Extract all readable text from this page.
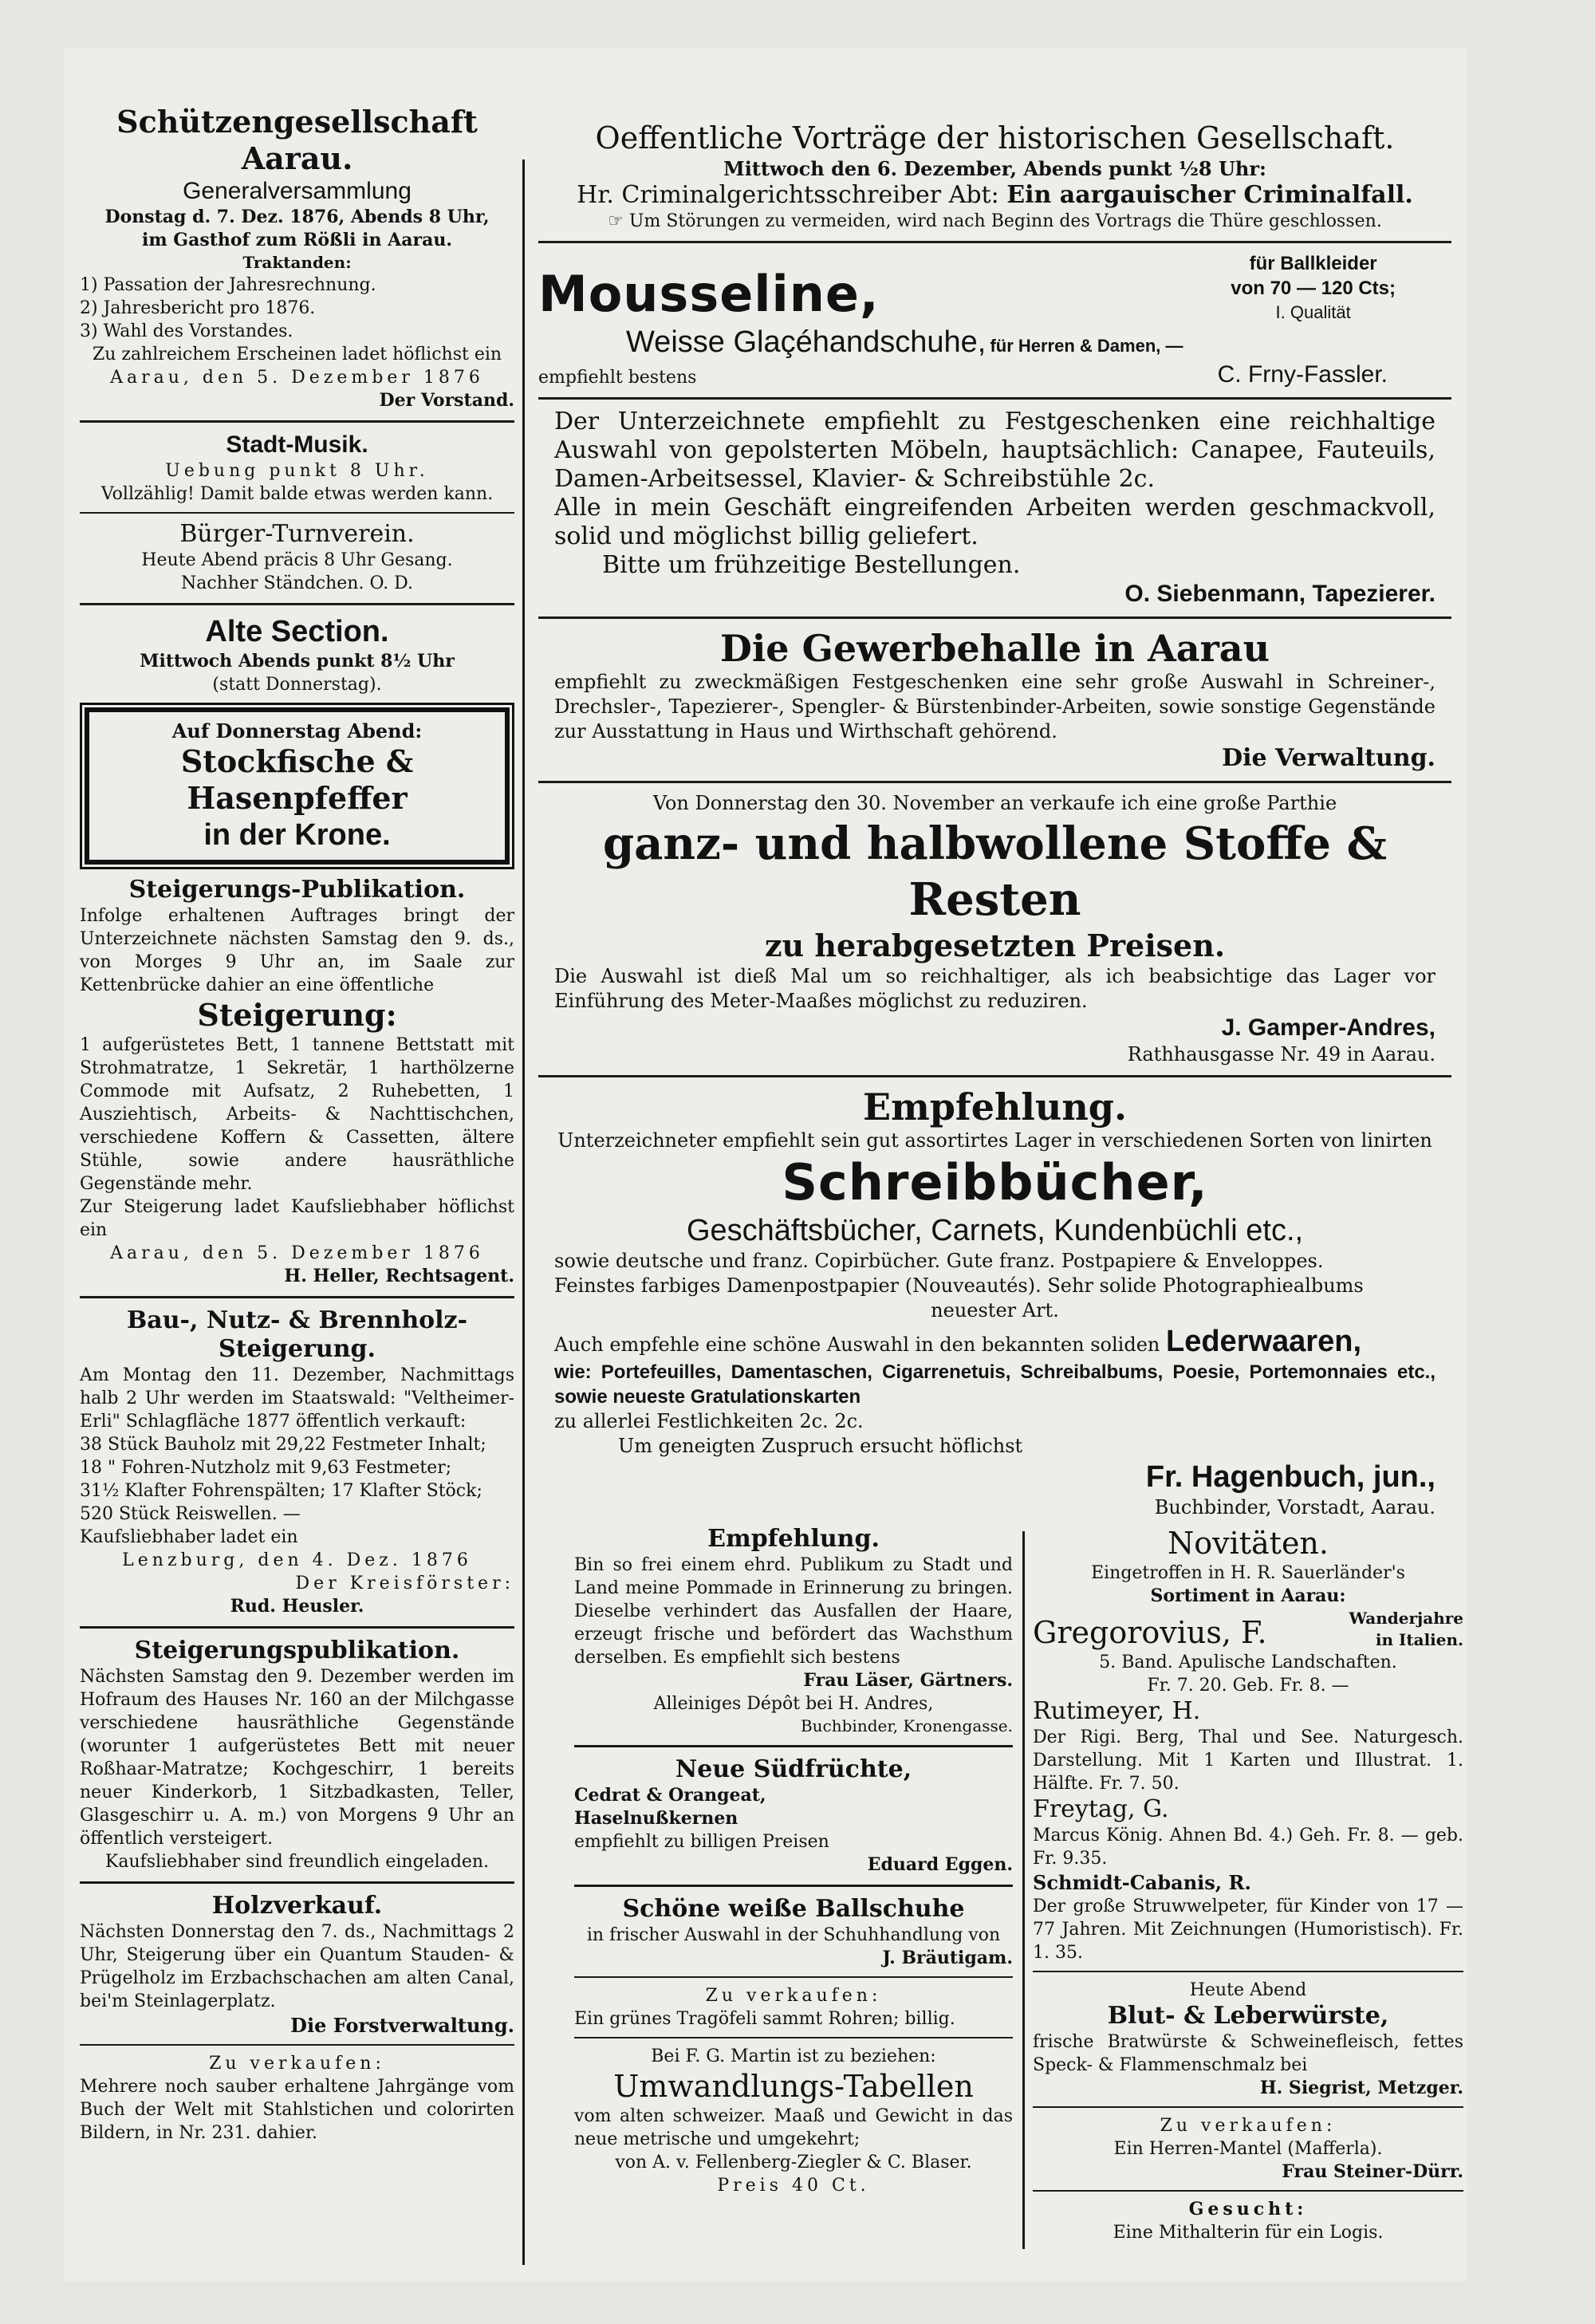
Schützengesellschaft Aarau.

Generalversammlung

Donstag d. 7. Dez. 1876, Abends 8 Uhr,

im Gasthof zum Rößli in Aarau.

Traktanden:

1) Passation der Jahresrechnung.

2) Jahresbericht pro 1876.

3) Wahl des Vorstandes.

Zu zahlreichem Erscheinen ladet höflichst ein

Aarau, den 5. Dezember 1876

Der Vorstand.

Stadt-Musik.

Uebung punkt 8 Uhr.

Vollzählig! Damit balde etwas werden kann.

Bürger-Turnverein.

Heute Abend präcis 8 Uhr Gesang.

Nachher Ständchen. O. D.

Alte Section.

Mittwoch Abends punkt 8½ Uhr

(statt Donnerstag).

Auf Donnerstag Abend:

Stockfische & Hasenpfeffer

in der Krone.

Steigerungs-Publikation.

Infolge erhaltenen Auftrages bringt der Unterzeichnete nächsten Samstag den 9. ds., von Morges 9 Uhr an, im Saale zur Kettenbrücke dahier an eine öffentliche

Steigerung:

1 aufgerüstetes Bett, 1 tannene Bettstatt mit Strohmatratze, 1 Sekretär, 1 harthölzerne Commode mit Aufsatz, 2 Ruhebetten, 1 Ausziehtisch, Arbeits- & Nachttischchen, verschiedene Koffern & Cassetten, ältere Stühle, sowie andere hausräthliche Gegenstände mehr.

Zur Steigerung ladet Kaufsliebhaber höflichst ein

Aarau, den 5. Dezember 1876

H. Heller, Rechtsagent.

Bau-, Nutz- & Brennholz-

Steigerung.

Am Montag den 11. Dezember, Nachmittags halb 2 Uhr werden im Staatswald: "Veltheimer-Erli" Schlagfläche 1877 öffentlich verkauft:

38 Stück Bauholz mit 29,22 Festmeter Inhalt;

18 " Fohren-Nutzholz mit 9,63 Festmeter;

31½ Klafter Fohrenspälten; 17 Klafter Stöck;

520 Stück Reiswellen. —

Kaufsliebhaber ladet ein

Lenzburg, den 4. Dez. 1876

Der Kreisförster:

Rud. Heusler.

Steigerungspublikation.

Nächsten Samstag den 9. Dezember werden im Hofraum des Hauses Nr. 160 an der Milchgasse verschiedene hausräthliche Gegenstände (worunter 1 aufgerüstetes Bett mit neuer Roßhaar-Matratze; Kochgeschirr, 1 bereits neuer Kinderkorb, 1 Sitzbadkasten, Teller, Glasgeschirr u. A. m.) von Morgens 9 Uhr an öffentlich versteigert.

Kaufsliebhaber sind freundlich eingeladen.

Holzverkauf.

Nächsten Donnerstag den 7. ds., Nachmittags 2 Uhr, Steigerung über ein Quantum Stauden- & Prügelholz im Erzbachschachen am alten Canal, bei'm Steinlagerplatz.

Die Forstverwaltung.

Zu verkaufen:

Mehrere noch sauber erhaltene Jahrgänge vom Buch der Welt mit Stahlstichen und colorirten Bildern, in Nr. 231. dahier.

Oeffentliche Vorträge der historischen Gesellschaft.

Mittwoch den 6. Dezember, Abends punkt ½8 Uhr:

Hr. Criminalgerichtsschreiber Abt: Ein aargauischer Criminalfall.

☞ Um Störungen zu vermeiden, wird nach Beginn des Vortrags die Thüre geschlossen.

Mousseline,
für Ballkleider
von 70 — 120 Cts;
I. Qualität

Weisse Glaçéhandschuhe, für Herren & Damen, —

empfiehlt bestens	C. Frny-Fassler.

Der Unterzeichnete empfiehlt zu Festgeschenken eine reichhaltige Auswahl von gepolsterten Möbeln, hauptsächlich: Canapee, Fauteuils, Damen-Arbeitsessel, Klavier- & Schreibstühle 2c.

Alle in mein Geschäft eingreifenden Arbeiten werden geschmackvoll, solid und möglichst billig geliefert.

Bitte um frühzeitige Bestellungen.

O. Siebenmann, Tapezierer.

Die Gewerbehalle in Aarau

empfiehlt zu zweckmäßigen Festgeschenken eine sehr große Auswahl in Schreiner-, Drechsler-, Tapezierer-, Spengler- & Bürstenbinder-Arbeiten, sowie sonstige Gegenstände zur Ausstattung in Haus und Wirthschaft gehörend.

Die Verwaltung.

Von Donnerstag den 30. November an verkaufe ich eine große Parthie

ganz- und halbwollene Stoffe & Resten

zu herabgesetzten Preisen.

Die Auswahl ist dieß Mal um so reichhaltiger, als ich beabsichtige das Lager vor Einführung des Meter-Maaßes möglichst zu reduziren.

J. Gamper-Andres,

Rathhausgasse Nr. 49 in Aarau.

Empfehlung.

Unterzeichneter empfiehlt sein gut assortirtes Lager in verschiedenen Sorten von linirten

Schreibbücher,

Geschäftsbücher, Carnets, Kundenbüchli etc.,

sowie deutsche und franz. Copirbücher. Gute franz. Postpapiere & Enveloppes.

Feinstes farbiges Damenpostpapier (Nouveautés). Sehr solide Photographiealbums

neuester Art.

Auch empfehle eine schöne Auswahl in den bekannten soliden Lederwaaren,

wie: Portefeuilles, Damentaschen, Cigarrenetuis, Schreibalbums, Poesie, Portemonnaies etc., sowie neueste Gratulationskarten

zu allerlei Festlichkeiten 2c. 2c.

Um geneigten Zuspruch ersucht höflichst

Fr. Hagenbuch, jun.,

Buchbinder, Vorstadt, Aarau.

Empfehlung.

Bin so frei einem ehrd. Publikum zu Stadt und Land meine Pommade in Erinnerung zu bringen. Dieselbe verhindert das Ausfallen der Haare, erzeugt frische und befördert das Wachsthum derselben. Es empfiehlt sich bestens

Frau Läser, Gärtners.

Alleiniges Dépôt bei H. Andres,

Buchbinder, Kronengasse.

Neue Südfrüchte,

Cedrat & Orangeat,

Haselnußkernen

empfiehlt zu billigen Preisen

Eduard Eggen.

Schöne weiße Ballschuhe

in frischer Auswahl in der Schuhhandlung von

J. Bräutigam.

Zu verkaufen:

Ein grünes Tragöfeli sammt Rohren; billig.

Bei F. G. Martin ist zu beziehen:

Umwandlungs-Tabellen

vom alten schweizer. Maaß und Gewicht in das neue metrische und umgekehrt;

von A. v. Fellenberg-Ziegler & C. Blaser.

Preis 40 Ct.

Novitäten.

Eingetroffen in H. R. Sauerländer's

Sortiment in Aarau:

Gregorovius, F.	Wanderjahre
in Italien.

5. Band. Apulische Landschaften.

Fr. 7. 20. Geb. Fr. 8. —

Rutimeyer, H.

Der Rigi. Berg, Thal und See. Naturgesch. Darstellung. Mit 1 Karten und Illustrat. 1. Hälfte. Fr. 7. 50.

Freytag, G.

Marcus König. Ahnen Bd. 4.) Geh. Fr. 8. — geb. Fr. 9.35.

Schmidt-Cabanis, R.

Der große Struwwelpeter, für Kinder von 17 — 77 Jahren. Mit Zeichnungen (Humoristisch). Fr. 1. 35.

Heute Abend

Blut- & Leberwürste,

frische Bratwürste & Schweinefleisch, fettes Speck- & Flammenschmalz bei

H. Siegrist, Metzger.

Zu verkaufen:

Ein Herren-Mantel (Mafferla).

Frau Steiner-Dürr.

Gesucht:

Eine Mithalterin für ein Logis.
